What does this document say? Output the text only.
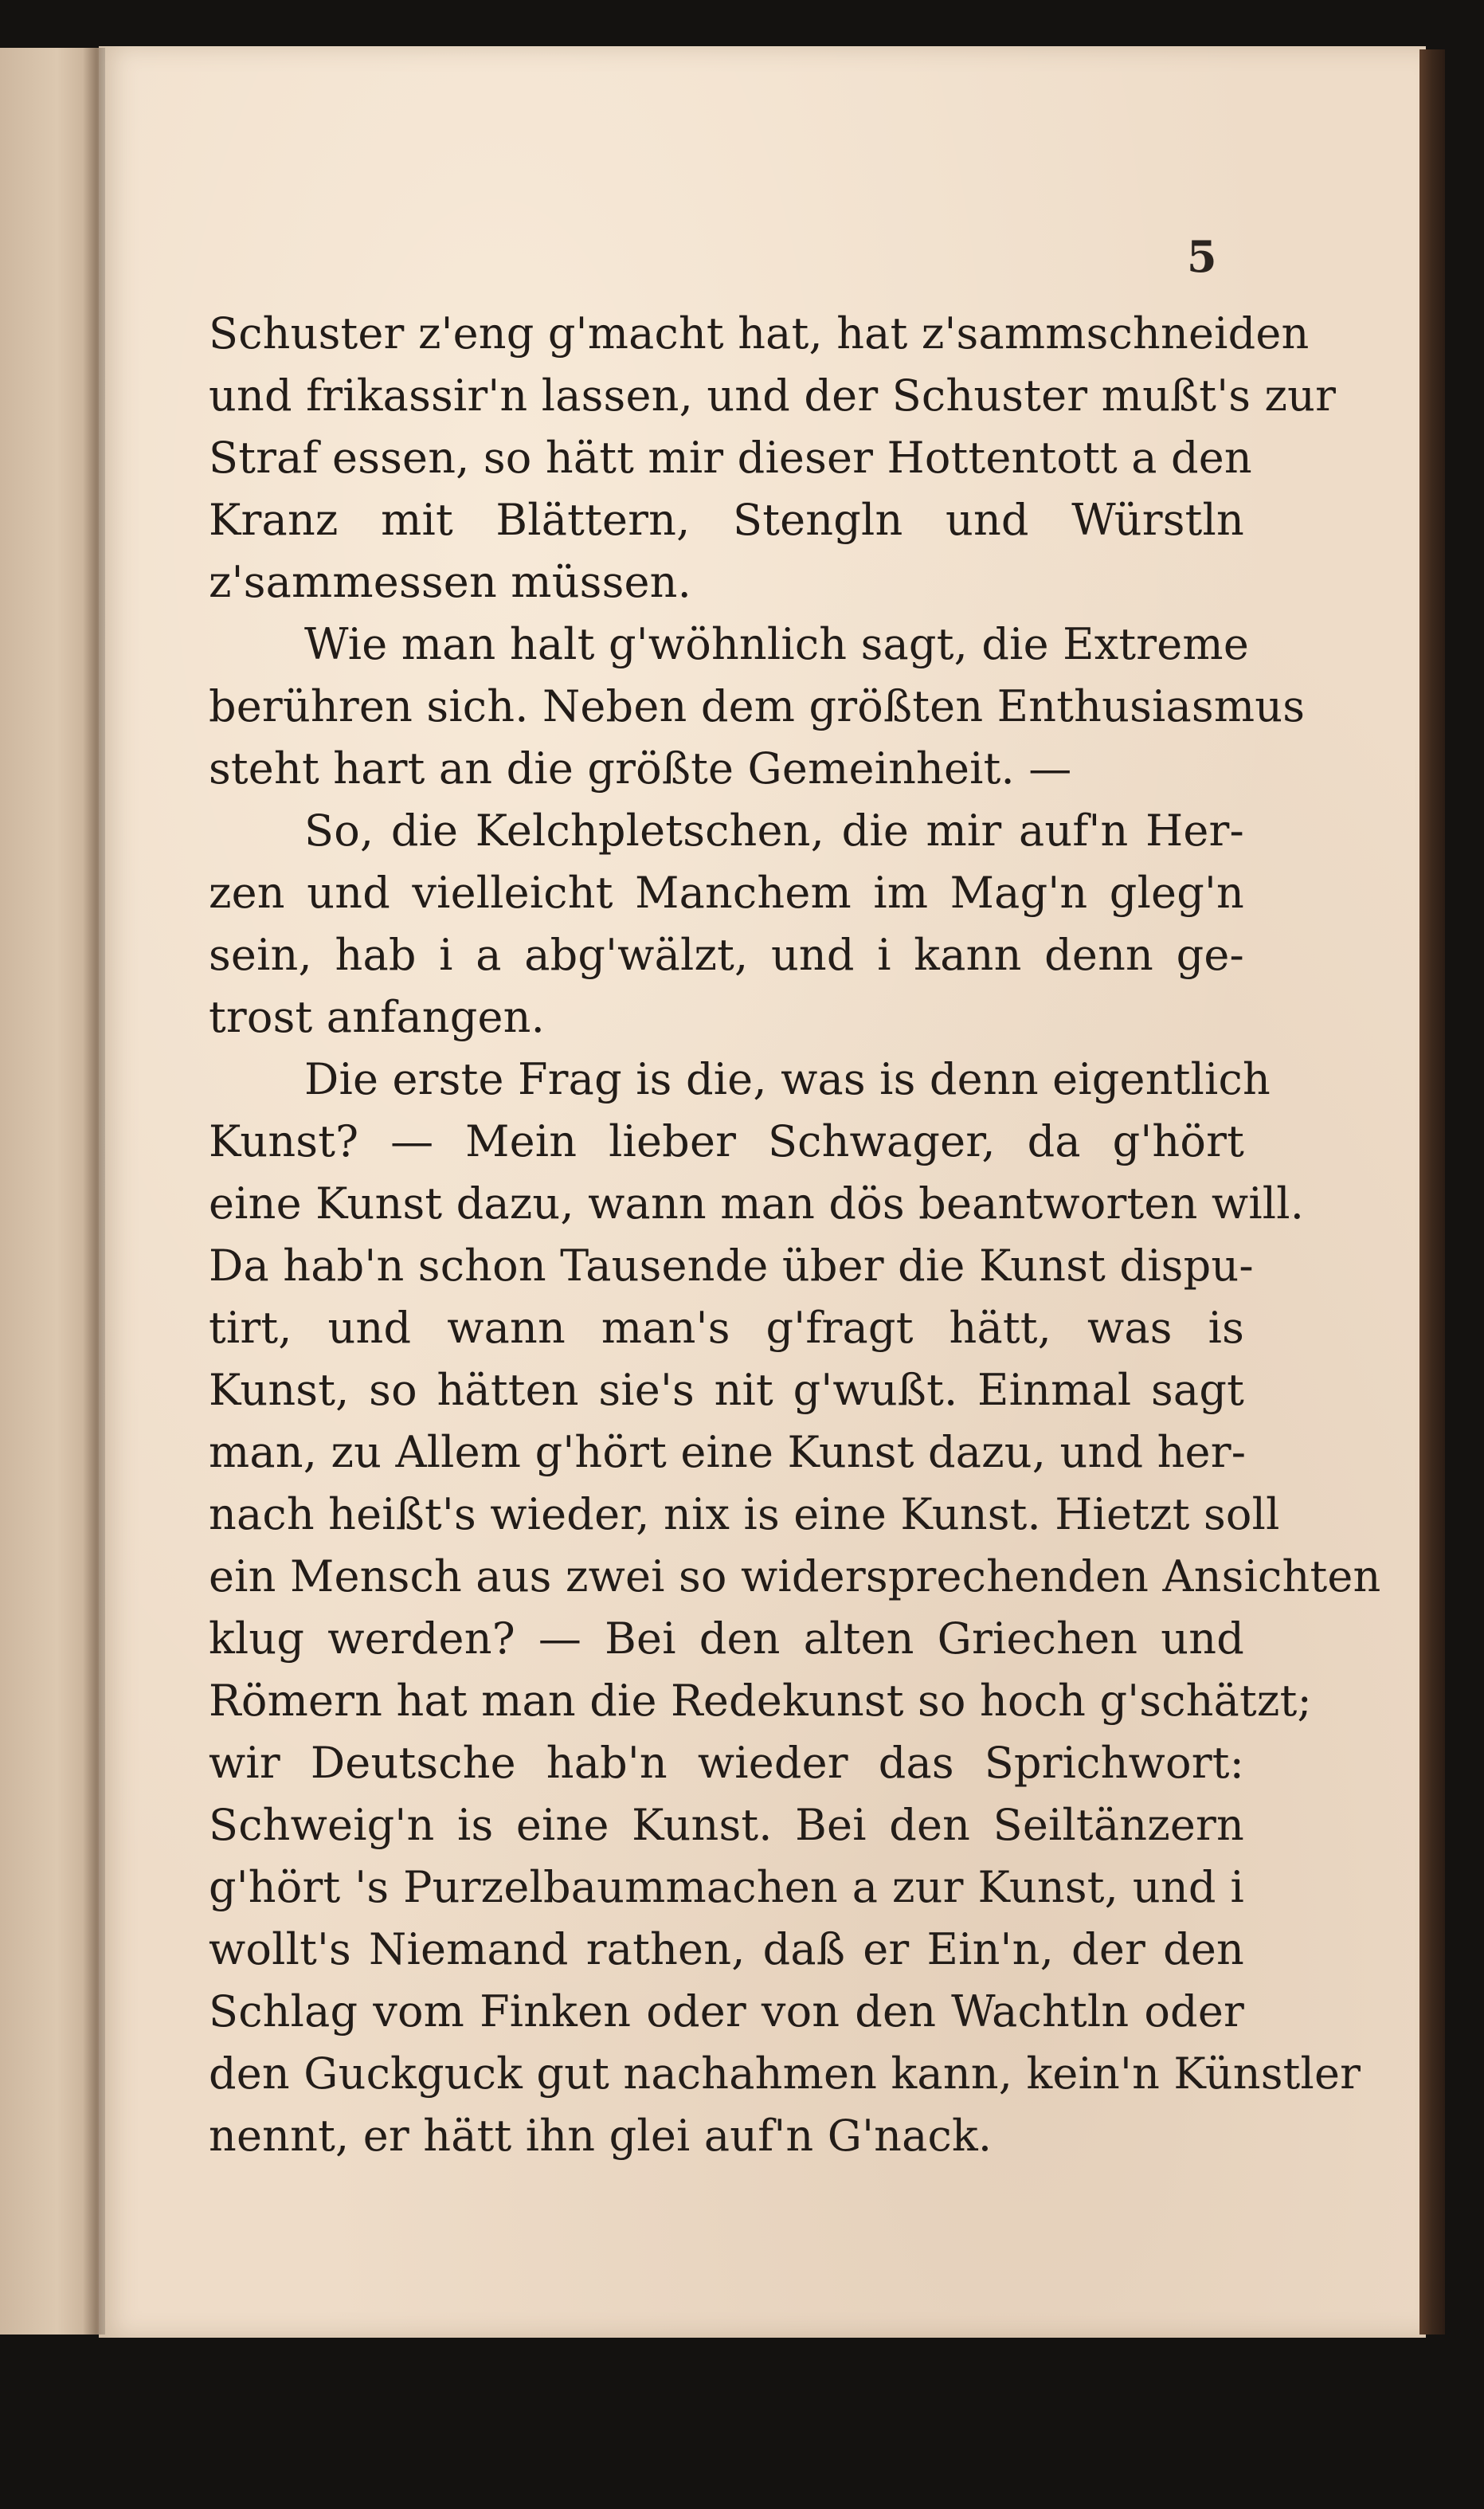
5
Schuster z'eng g'macht hat, hat z'sammschneiden
und frikassir'n lassen, und der Schuster mußt's zur
Straf essen, so hätt mir dieser Hottentott a den
Kranz mit Blättern, Stengln und Würstln
z'sammessen müssen.
Wie man halt g'wöhnlich sagt, die Extreme
berühren sich. Neben dem größten Enthusiasmus
steht hart an die größte Gemeinheit. —
So, die Kelchpletschen, die mir auf'n Her-
zen und vielleicht Manchem im Mag'n gleg'n
sein, hab i a abg'wälzt, und i kann denn ge-
trost anfangen.
Die erste Frag is die, was is denn eigentlich
Kunst? — Mein lieber Schwager, da g'hört
eine Kunst dazu, wann man dös beantworten will.
Da hab'n schon Tausende über die Kunst dispu-
tirt, und wann man's g'fragt hätt, was is
Kunst, so hätten sie's nit g'wußt. Einmal sagt
man, zu Allem g'hört eine Kunst dazu, und her-
nach heißt's wieder, nix is eine Kunst. Hietzt soll
ein Mensch aus zwei so widersprechenden Ansichten
klug werden? — Bei den alten Griechen und
Römern hat man die Redekunst so hoch g'schätzt;
wir Deutsche hab'n wieder das Sprichwort:
Schweig'n is eine Kunst. Bei den Seiltänzern
g'hört 's Purzelbaummachen a zur Kunst, und i
wollt's Niemand rathen, daß er Ein'n, der den
Schlag vom Finken oder von den Wachtln oder
den Guckguck gut nachahmen kann, kein'n Künstler
nennt, er hätt ihn glei auf'n G'nack.
